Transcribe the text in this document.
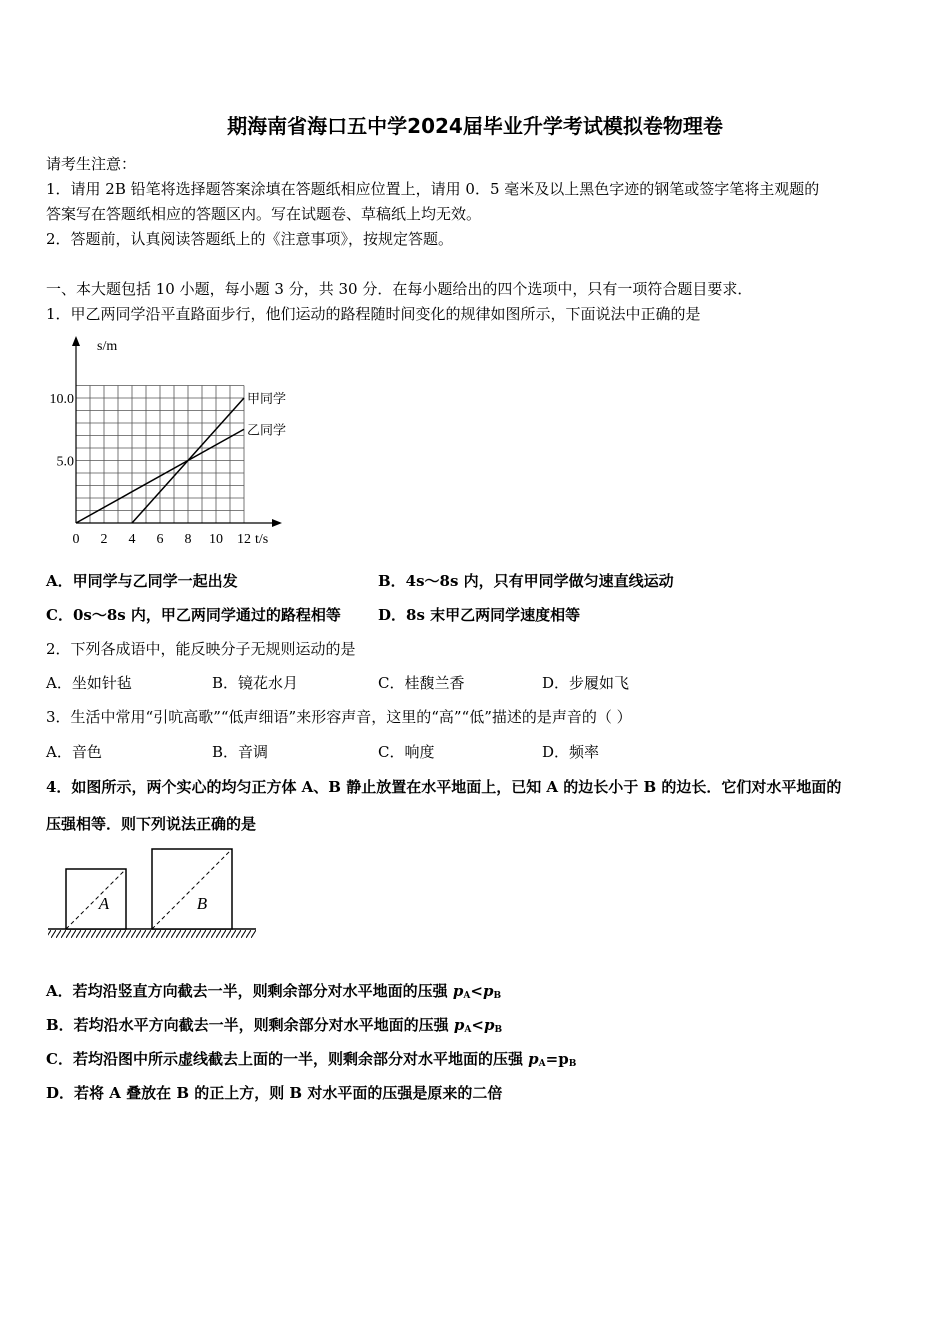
期海南省海口五中学2024届毕业升学考试模拟卷物理卷
请考生注意：
1．请用 2B 铅笔将选择题答案涂填在答题纸相应位置上，请用 0．5 毫米及以上黑色字迹的钢笔或签字笔将主观题的
答案写在答题纸相应的答题区内。写在试题卷、草稿纸上均无效。
2．答题前，认真阅读答题纸上的《注意事项》，按规定答题。
一、本大题包括 10 小题，每小题 3 分，共 30 分．在每小题给出的四个选项中，只有一项符合题目要求．
1．甲乙两同学沿平直路面步行，他们运动的路程随时间变化的规律如图所示，下面说法中正确的是
s/m
t/s
0 2 4 6 8 10 12
5.0
10.0	甲同学
乙同学
A．甲同学与乙同学一起出发	B．4s～8s 内，只有甲同学做匀速直线运动
C．0s～8s 内，甲乙两同学通过的路程相等 D．8s 末甲乙两同学速度相等
2．下列各成语中，能反映分子无规则运动的是
A．坐如针毡	B．镜花水月	C．桂馥兰香	D．步履如飞
3．生活中常用“引吭高歌”“低声细语”来形容声音，这里的“高”“低”描述的是声音的（ ）
A．音色	B．音调	C．响度	D．频率
4．如图所示，两个实心的均匀正方体 A、B 静止放置在水平地面上，已知 A 的边长小于 B 的边长．它们对水平地面的
压强相等．则下列说法正确的是
A	B
A．若均沿竖直方向截去一半，则剩余部分对水平地面的压强 $p_A<p_B$
B．若均沿水平方向截去一半，则剩余部分对水平地面的压强 $p_A<p_B$
C．若均沿图中所示虚线截去上面的一半，则剩余部分对水平地面的压强 $p_A=p_B$
D．若将 A 叠放在 B 的正上方，则 B 对水平面的压强是原来的二倍
